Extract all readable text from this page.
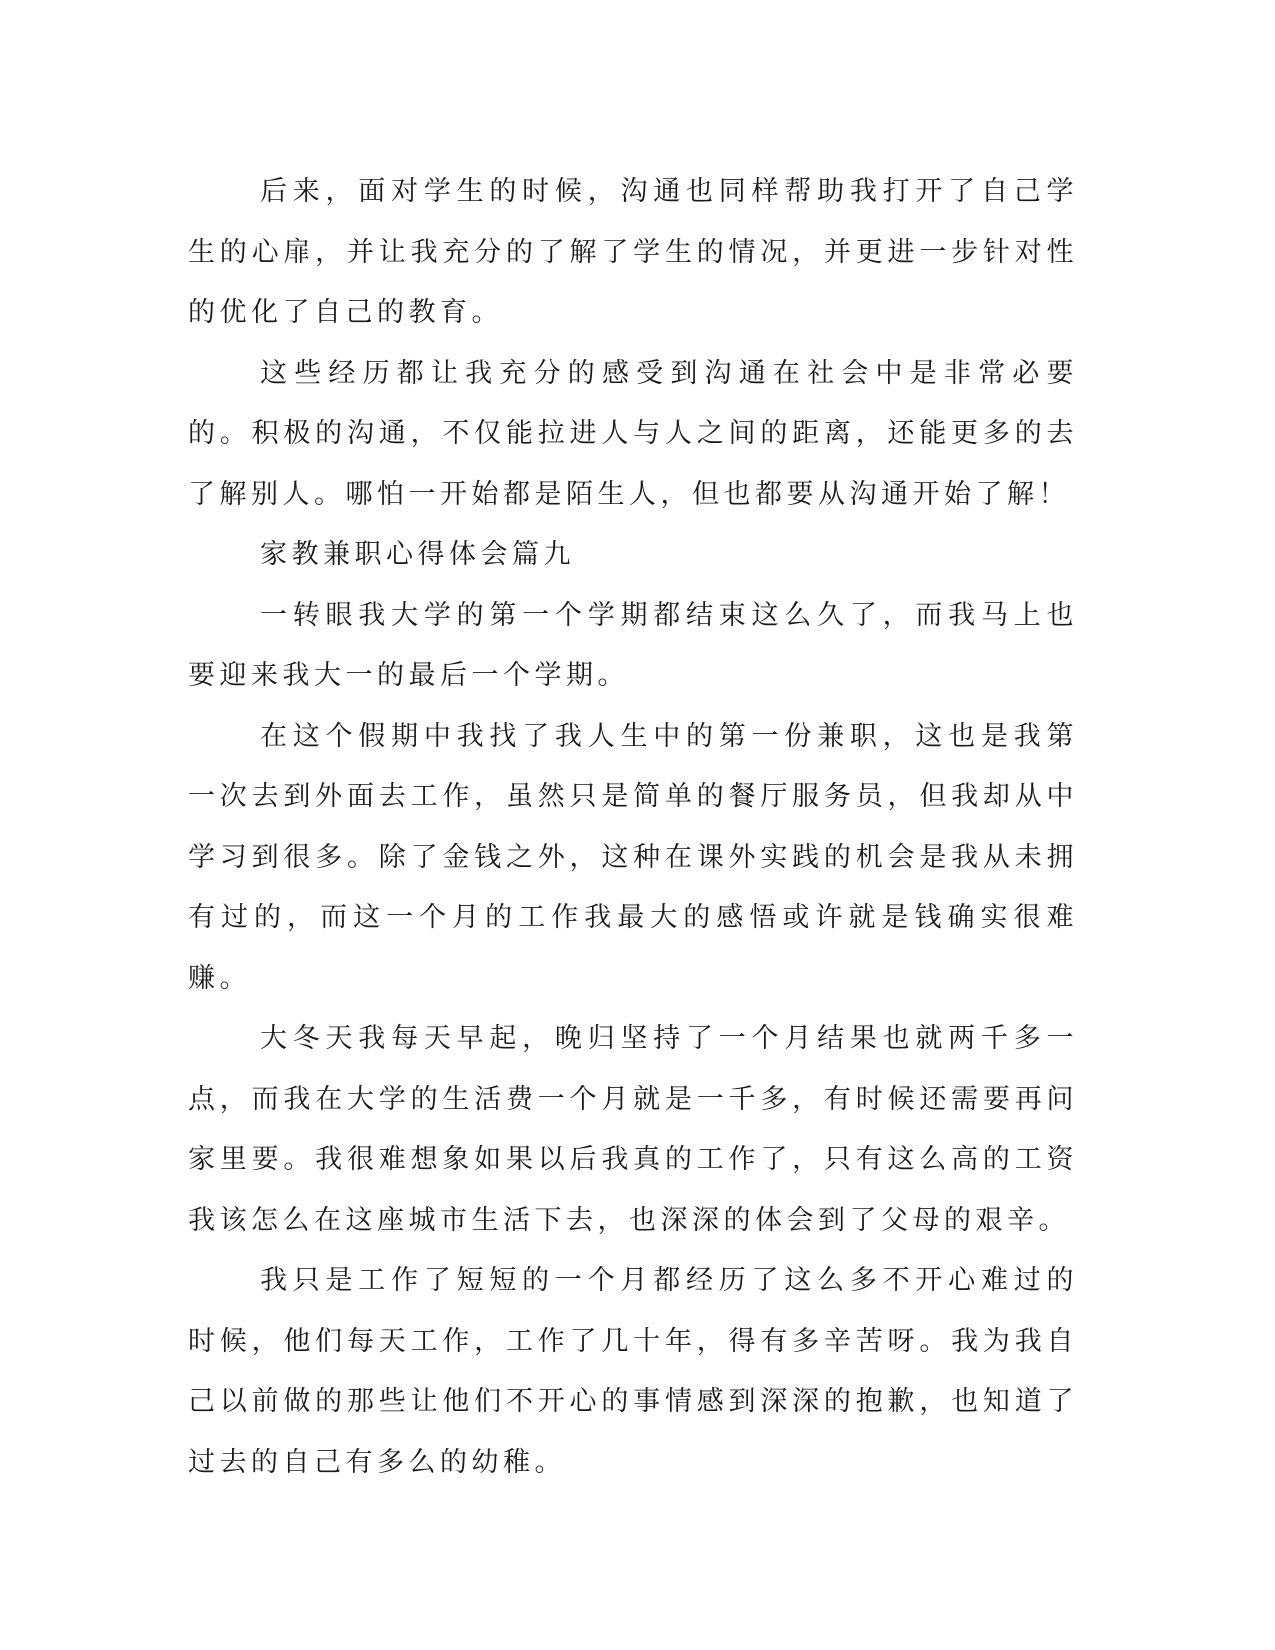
后来，面对学生的时候，沟通也同样帮助我打开了自己学生的心扉，并让我充分的了解了学生的情况，并更进一步针对性的优化了自己的教育。

这些经历都让我充分的感受到沟通在社会中是非常必要的。积极的沟通，不仅能拉进人与人之间的距离，还能更多的去了解别人。哪怕一开始都是陌生人，但也都要从沟通开始了解！

家教兼职心得体会篇九

一转眼我大学的第一个学期都结束这么久了，而我马上也要迎来我大一的最后一个学期。

在这个假期中我找了我人生中的第一份兼职，这也是我第一次去到外面去工作，虽然只是简单的餐厅服务员，但我却从中学习到很多。除了金钱之外，这种在课外实践的机会是我从未拥有过的，而这一个月的工作我最大的感悟或许就是钱确实很难赚。

大冬天我每天早起，晚归坚持了一个月结果也就两千多一点，而我在大学的生活费一个月就是一千多，有时候还需要再问家里要。我很难想象如果以后我真的工作了，只有这么高的工资我该怎么在这座城市生活下去，也深深的体会到了父母的艰辛。

我只是工作了短短的一个月都经历了这么多不开心难过的时候，他们每天工作，工作了几十年，得有多辛苦呀。我为我自己以前做的那些让他们不开心的事情感到深深的抱歉，也知道了过去的自己有多么的幼稚。
